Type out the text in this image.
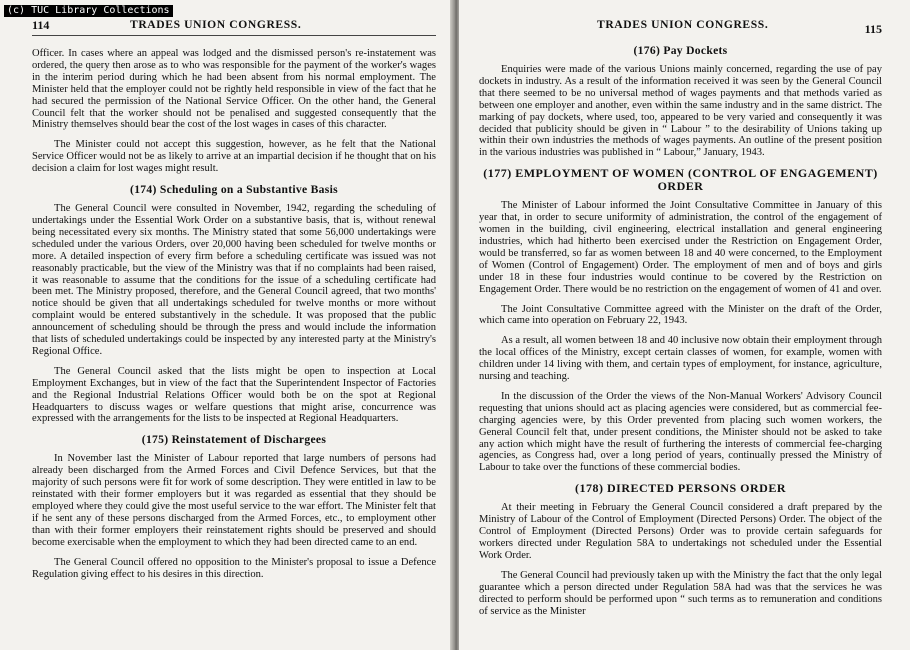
(c) TUC Library Collections
114	TRADES UNION CONGRESS.

Officer. In cases where an appeal was lodged and the dismissed person's re-instatement was ordered, the query then arose as to who was responsible for the payment of the worker's wages in the interim period during which he had been absent from his normal employment. The Minister held that the employer could not be rightly held responsible in view of the fact that he had secured the permission of the National Service Officer. On the other hand, the General Council felt that the worker should not be penalised and suggested consequently that the Ministry themselves should bear the cost of the lost wages in cases of this character.

The Minister could not accept this suggestion, however, as he felt that the National Service Officer would not be as likely to arrive at an impartial decision if he thought that on his decision a claim for lost wages might result.

(174) Scheduling on a Substantive Basis

The General Council were consulted in November, 1942, regarding the scheduling of undertakings under the Essential Work Order on a substantive basis, that is, without renewal being necessitated every six months. The Ministry stated that some 56,000 undertakings were scheduled under the various Orders, over 20,000 having been scheduled for twelve months or more. A detailed inspection of every firm before a scheduling certificate was issued was not reasonably practicable, but the view of the Ministry was that if no complaints had been raised, it was reasonable to assume that the conditions for the issue of a scheduling certificate had been met. The Ministry proposed, therefore, and the General Council agreed, that two months' notice should be given that all undertakings scheduled for twelve months or more without complaint would be entered substantively in the schedule. It was proposed that the public announcement of scheduling should be through the press and would include the information that lists of scheduled undertakings could be inspected by any interested party at the Ministry's Regional Office.

The General Council asked that the lists might be open to inspection at Local Employment Exchanges, but in view of the fact that the Superintendent Inspector of Factories and the Regional Industrial Relations Officer would both be on the spot at Regional Headquarters to discuss wages or welfare questions that might arise, concurrence was expressed with the arrangements for the lists to be inspected at Regional Headquarters.

(175) Reinstatement of Dischargees

In November last the Minister of Labour reported that large numbers of persons had already been discharged from the Armed Forces and Civil Defence Services, but that the majority of such persons were fit for work of some description. They were entitled in law to be reinstated with their former employers but it was regarded as essential that they should be employed where they could give the most useful service to the war effort. The Minister felt that if he sent any of these persons discharged from the Armed Forces, etc., to employment other than with their former employers their reinstatement rights should be preserved and should become exercisable when the employment to which they had been directed came to an end.

The General Council offered no opposition to the Minister's proposal to issue a Defence Regulation giving effect to his desires in this direction.

TRADES UNION CONGRESS.	115
(176) Pay Dockets

Enquiries were made of the various Unions mainly concerned, regarding the use of pay dockets in industry. As a result of the information received it was seen by the General Council that there seemed to be no universal method of wages payments and that methods varied as between one employer and another, even within the same industry and in the same district. The marking of pay dockets, where used, too, appeared to be very varied and consequently it was decided that publicity should be given in “ Labour ” to the desirability of Unions taking up within their own industries the methods of wages payments. An outline of the present position in the various industries was published in “ Labour,” January, 1943.

(177) EMPLOYMENT OF WOMEN (CONTROL OF ENGAGEMENT) ORDER

The Minister of Labour informed the Joint Consultative Committee in January of this year that, in order to secure uniformity of administration, the control of the engagement of women in the building, civil engineering, electrical installation and general engineering industries, which had hitherto been exercised under the Restriction on Engagement Order, would be transferred, so far as women between 18 and 40 were concerned, to the Employment of Women (Control of Engagement) Order. The employment of men and of boys and girls under 18 in these four industries would continue to be covered by the Restriction on Engagement Order. There would be no restriction on the engagement of women of 41 and over.

The Joint Consultative Committee agreed with the Minister on the draft of the Order, which came into operation on February 22, 1943.

As a result, all women between 18 and 40 inclusive now obtain their employment through the local offices of the Ministry, except certain classes of women, for example, women with children under 14 living with them, and certain types of employment, for instance, agriculture, nursing and teaching.

In the discussion of the Order the views of the Non-Manual Workers' Advisory Council requesting that unions should act as placing agencies were considered, but as commercial fee-charging agencies were, by this Order prevented from placing such women workers, the General Council felt that, under present conditions, the Minister should not be asked to take any action which might have the result of furthering the interests of commercial fee-charging agencies, as Congress had, over a long period of years, continually pressed the Ministry of Labour to take over the functions of these commercial bodies.

(178) DIRECTED PERSONS ORDER

At their meeting in February the General Council considered a draft prepared by the Ministry of Labour of the Control of Employment (Directed Persons) Order. The object of the Control of Employment (Directed Persons) Order was to provide certain safeguards for workers directed under Regulation 58A to undertakings not scheduled under the Essential Work Order.

The General Council had previously taken up with the Ministry the fact that the only legal guarantee which a person directed under Regulation 58A had was that the services he was directed to perform should be performed upon “ such terms as to remuneration and conditions of service as the Minister
